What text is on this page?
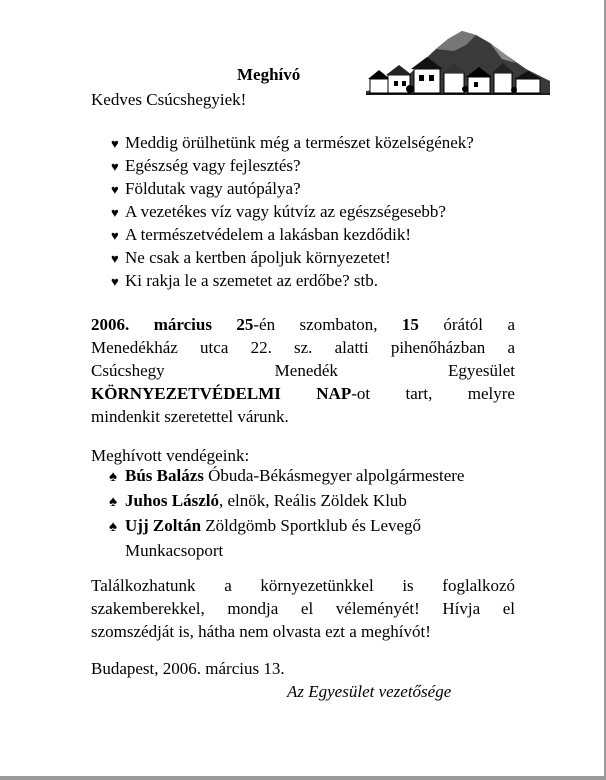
Meghívó
Kedves Csúcshegyiek!
♥ Meddig örülhetünk még a természet közelségének?
♥ Egészség vagy fejlesztés?
♥ Földutak vagy autópálya?
♥ A vezetékes víz vagy kútvíz az egészségesebb?
♥ A természetvédelem a lakásban kezdődik!
♥ Ne csak a kertben ápoljuk környezetet!
♥ Ki rakja le a szemetet az erdőbe? stb.
2006. március 25-én szombaton, 15 órától a
Menedékház utca 22. sz. alatti pihenőházban a
Csúcshegy Menedék Egyesület
KÖRNYEZETVÉDELMI NAP-ot tart, melyre
mindenkit szeretettel várunk.
Meghívott vendégeink:
♠ Bús Balázs Óbuda-Békásmegyer alpolgármestere
♠ Juhos László, elnök, Reális Zöldek Klub
♠ Ujj Zoltán Zöldgömb Sportklub és Levegő
Munkacsoport
Találkozhatunk a környezetünkkel is foglalkozó
szakemberekkel, mondja el véleményét! Hívja el
szomszédját is, hátha nem olvasta ezt a meghívót!
Budapest, 2006. március 13.
Az Egyesület vezetősége
